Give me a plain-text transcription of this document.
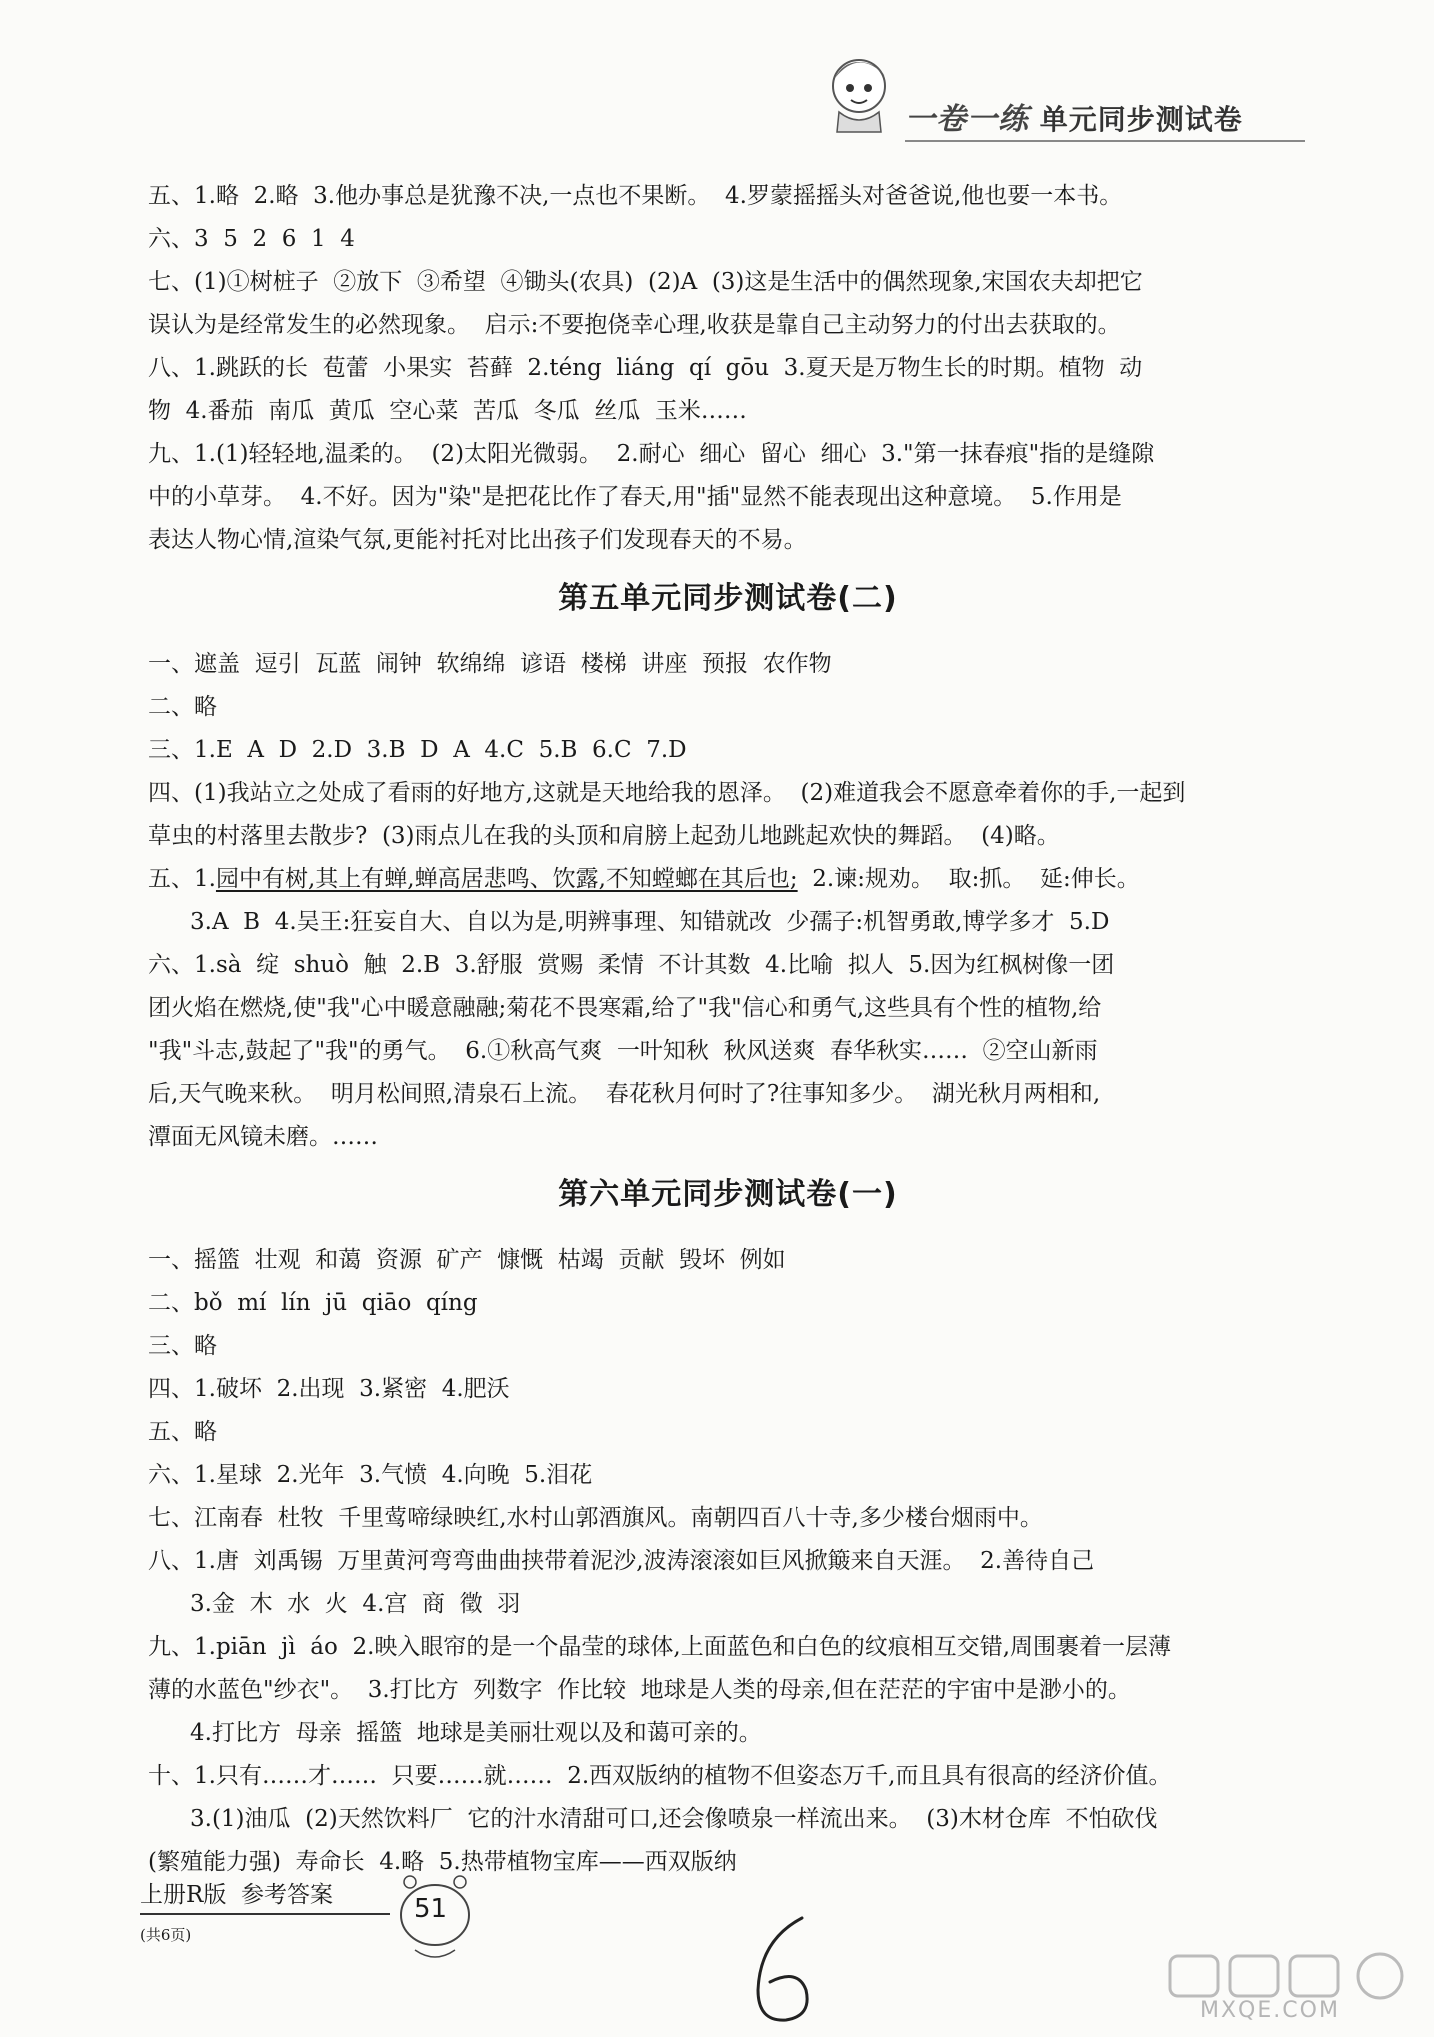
一卷一练 单元同步测试卷
五、1.略  2.略  3.他办事总是犹豫不决,一点也不果断。  4.罗蒙摇摇头对爸爸说,他也要一本书。
六、3  5  2  6  1  4
七、(1)①树桩子  ②放下  ③希望  ④锄头(农具)  (2)A  (3)这是生活中的偶然现象,宋国农夫却把它
误认为是经常发生的必然现象。  启示:不要抱侥幸心理,收获是靠自己主动努力的付出去获取的。
八、1.跳跃的长  苞蕾  小果实  苔藓  2.téng  liáng  qí  gōu  3.夏天是万物生长的时期。植物  动
物  4.番茄  南瓜  黄瓜  空心菜  苦瓜  冬瓜  丝瓜  玉米……
九、1.(1)轻轻地,温柔的。  (2)太阳光微弱。  2.耐心  细心  留心  细心  3."第一抹春痕"指的是缝隙
中的小草芽。  4.不好。因为"染"是把花比作了春天,用"插"显然不能表现出这种意境。  5.作用是
表达人物心情,渲染气氛,更能衬托对比出孩子们发现春天的不易。
第五单元同步测试卷(二)
一、遮盖  逗引  瓦蓝  闹钟  软绵绵  谚语  楼梯  讲座  预报  农作物
二、略
三、1.E  A  D  2.D  3.B  D  A  4.C  5.B  6.C  7.D
四、(1)我站立之处成了看雨的好地方,这就是天地给我的恩泽。  (2)难道我会不愿意牵着你的手,一起到
草虫的村落里去散步?  (3)雨点儿在我的头顶和肩膀上起劲儿地跳起欢快的舞蹈。  (4)略。
五、1.园中有树,其上有蝉,蝉高居悲鸣、饮露,不知螳螂在其后也;  2.谏:规劝。  取:抓。  延:伸长。
3.A  B  4.吴王:狂妄自大、自以为是,明辨事理、知错就改  少孺子:机智勇敢,博学多才  5.D
六、1.sà  绽  shuò  触  2.B  3.舒服  赏赐  柔情  不计其数  4.比喻  拟人  5.因为红枫树像一团
团火焰在燃烧,使"我"心中暖意融融;菊花不畏寒霜,给了"我"信心和勇气,这些具有个性的植物,给
"我"斗志,鼓起了"我"的勇气。  6.①秋高气爽  一叶知秋  秋风送爽  春华秋实……  ②空山新雨
后,天气晚来秋。  明月松间照,清泉石上流。  春花秋月何时了?往事知多少。  湖光秋月两相和,
潭面无风镜未磨。……
第六单元同步测试卷(一)
一、摇篮  壮观  和蔼  资源  矿产  慷慨  枯竭  贡献  毁坏  例如
二、bǒ  mí  lín  jū  qiāo  qíng
三、略
四、1.破坏  2.出现  3.紧密  4.肥沃
五、略
六、1.星球  2.光年  3.气愤  4.向晚  5.泪花
七、江南春  杜牧  千里莺啼绿映红,水村山郭酒旗风。南朝四百八十寺,多少楼台烟雨中。
八、1.唐  刘禹锡  万里黄河弯弯曲曲挟带着泥沙,波涛滚滚如巨风掀簸来自天涯。  2.善待自己
3.金  木  水  火  4.宫  商  徵  羽
九、1.piān  jì  áo  2.映入眼帘的是一个晶莹的球体,上面蓝色和白色的纹痕相互交错,周围裹着一层薄
薄的水蓝色"纱衣"。  3.打比方  列数字  作比较  地球是人类的母亲,但在茫茫的宇宙中是渺小的。
4.打比方  母亲  摇篮  地球是美丽壮观以及和蔼可亲的。
十、1.只有……才……  只要……就……  2.西双版纳的植物不但姿态万千,而且具有很高的经济价值。
3.(1)油瓜  (2)天然饮料厂  它的汁水清甜可口,还会像喷泉一样流出来。  (3)木材仓库  不怕砍伐
(繁殖能力强)  寿命长  4.略  5.热带植物宝库——西双版纳
上册R版  参考答案
(共6页)
51
MXQE.COM
